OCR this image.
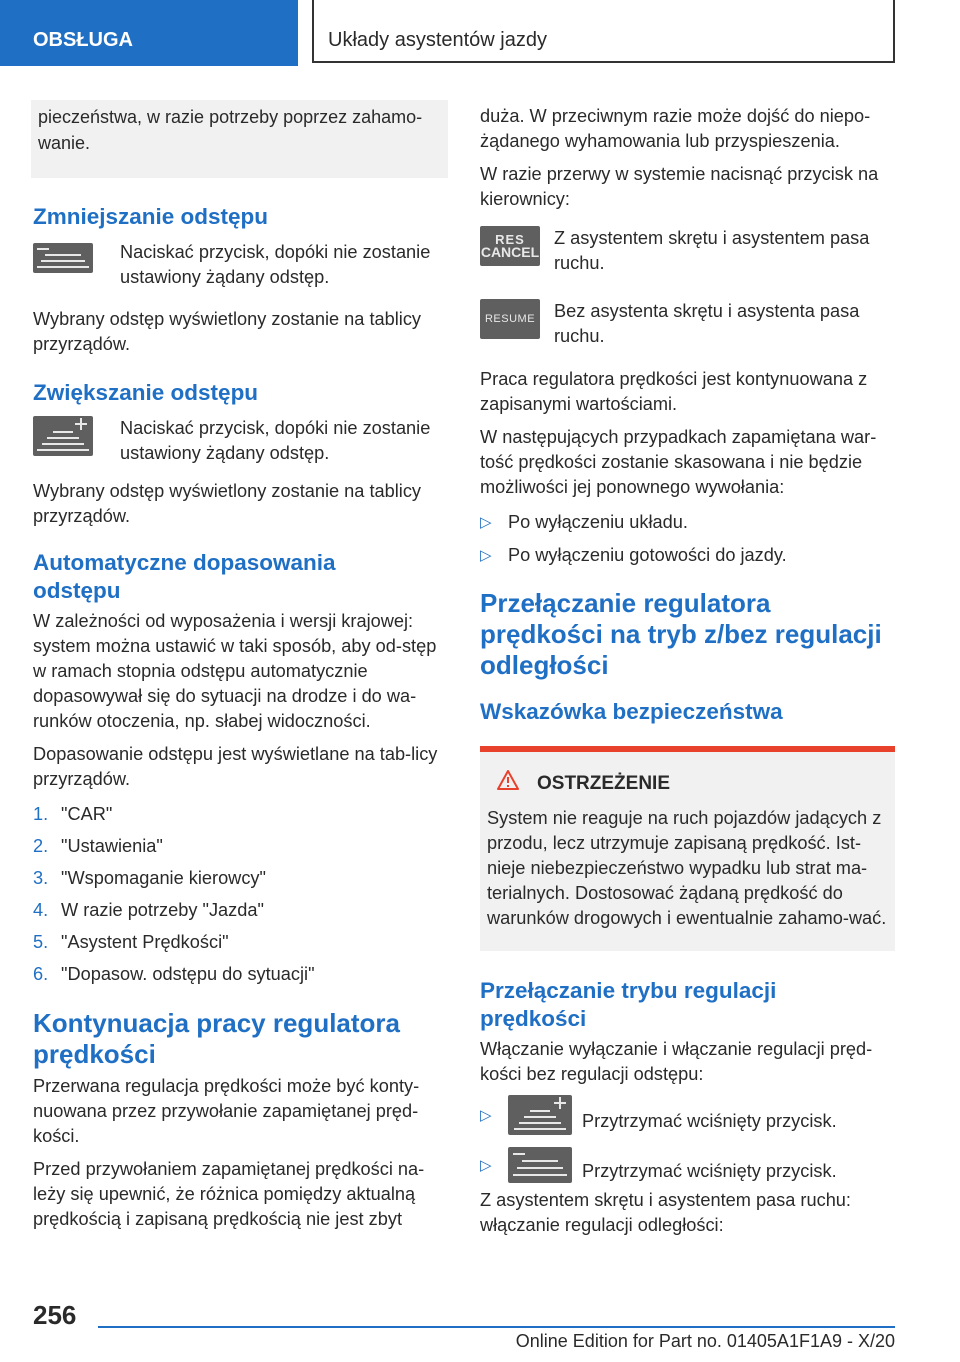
OBSŁUGA	Układy asystentów jazdy

pieczeństwa, w razie potrzeby poprzez zahamo-wanie.

Zmniejszanie odstępu
Naciskać przycisk, dopóki nie zostanie ustawiony żądany odstęp.

Wybrany odstęp wyświetlony zostanie na tablicy przyrządów.

Zwiększanie odstępu
Naciskać przycisk, dopóki nie zostanie ustawiony żądany odstęp.

Wybrany odstęp wyświetlony zostanie na tablicy przyrządów.

Automatyczne dopasowania odstępu

W zależności od wyposażenia i wersji krajowej: system można ustawić w taki sposób, aby od-stęp w ramach stopnia odstępu automatycznie dopasowywał się do sytuacji na drodze i do wa-runków otoczenia, np. słabej widoczności.

Dopasowanie odstępu jest wyświetlane na tab-licy przyrządów.

1. "CAR"
2. "Ustawienia"
3. "Wspomaganie kierowcy"
4. W razie potrzeby "Jazda"
5. "Asystent Prędkości"
6. "Dopasow. odstępu do sytuacji"
Kontynuacja pracy regulatora prędkości

Przerwana regulacja prędkości może być konty-nuowana przez przywołanie zapamiętanej pręd-kości.

Przed przywołaniem zapamiętanej prędkości na-leży się upewnić, że różnica pomiędzy aktualną prędkością i zapisaną prędkością nie jest zbyt

duża. W przeciwnym razie może dojść do niepo-żądanego wyhamowania lub przyspieszenia.

W razie przerwy w systemie nacisnąć przycisk na kierownicy:

RES
CANCEL
Z asystentem skrętu i asystentem pasa ruchu.
RESUME Bez asystenta skrętu i asystenta pasa ruchu.

Praca regulatora prędkości jest kontynuowana z zapisanymi wartościami.

W następujących przypadkach zapamiętana war-tość prędkości zostanie skasowana i nie będzie możliwości jej ponownego wywołania:

▷ Po wyłączeniu układu.
▷ Po wyłączeniu gotowości do jazdy.
Przełączanie regulatora prędkości na tryb z/bez regulacji odległości
Wskazówka bezpieczeństwa
OSTRZEŻENIE

System nie reaguje na ruch pojazdów jadących z przodu, lecz utrzymuje zapisaną prędkość. Ist-nieje niebezpieczeństwo wypadku lub strat ma-terialnych. Dostosować żądaną prędkość do warunków drogowych i ewentualnie zahamo-wać.

Przełączanie trybu regulacji prędkości

Włączanie wyłączanie i włączanie regulacji pręd-kości bez regulacji odstępu:

▷	Przytrzymać wciśnięty przycisk.
▷	Przytrzymać wciśnięty przycisk.

Z asystentem skrętu i asystentem pasa ruchu: włączanie regulacji odległości:

256
Online Edition for Part no. 01405A1F1A9 - X/20
